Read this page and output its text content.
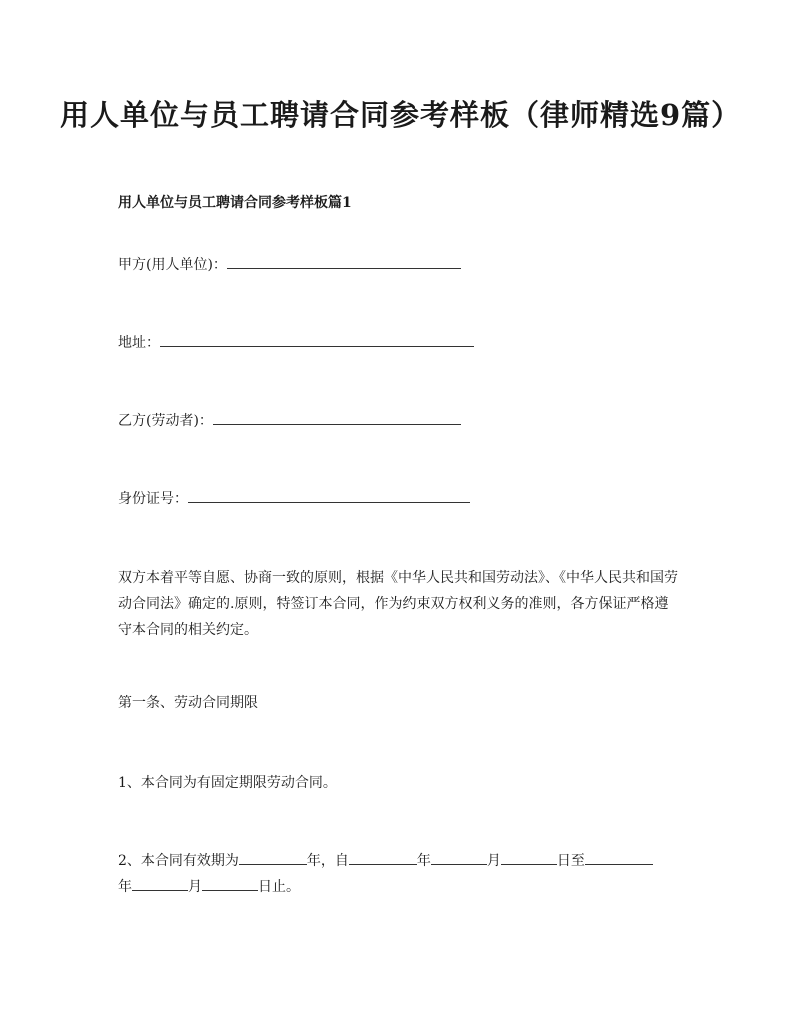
用人单位与员工聘请合同参考样板（律师精选9篇）

用人单位与员工聘请合同参考样板篇1

甲方(用人单位)：

地址：

乙方(劳动者)：

身份证号：

双方本着平等自愿、协商一致的原则，根据《中华人民共和国劳动法》、《中华人民共和国劳动合同法》确定的.原则，特签订本合同，作为约束双方权利义务的准则，各方保证严格遵守本合同的相关约定。

第一条、劳动合同期限

1、本合同为有固定期限劳动合同。

2、本合同有效期为	年，自	年	月	日至

年	月	日止。
